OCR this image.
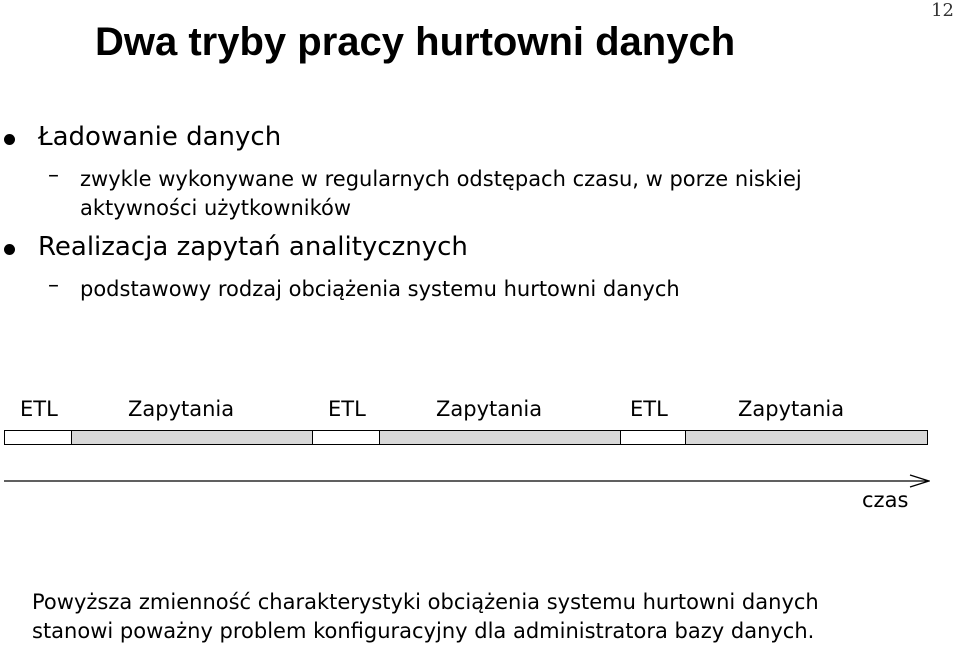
12
Dwa tryby pracy hurtowni danych
Ładowanie danych
– zwykle wykonywane w regularnych odstępach czasu, w porze niskiej aktywności użytkowników
Realizacja zapytań analitycznych
– podstawowy rodzaj obciążenia systemu hurtowni danych
ETL	Zapytania	ETL	Zapytania	ETL	Zapytania
czas
Powyższa zmienność charakterystyki obciążenia systemu hurtowni danych
stanowi poważny problem konfiguracyjny dla administratora bazy danych.
